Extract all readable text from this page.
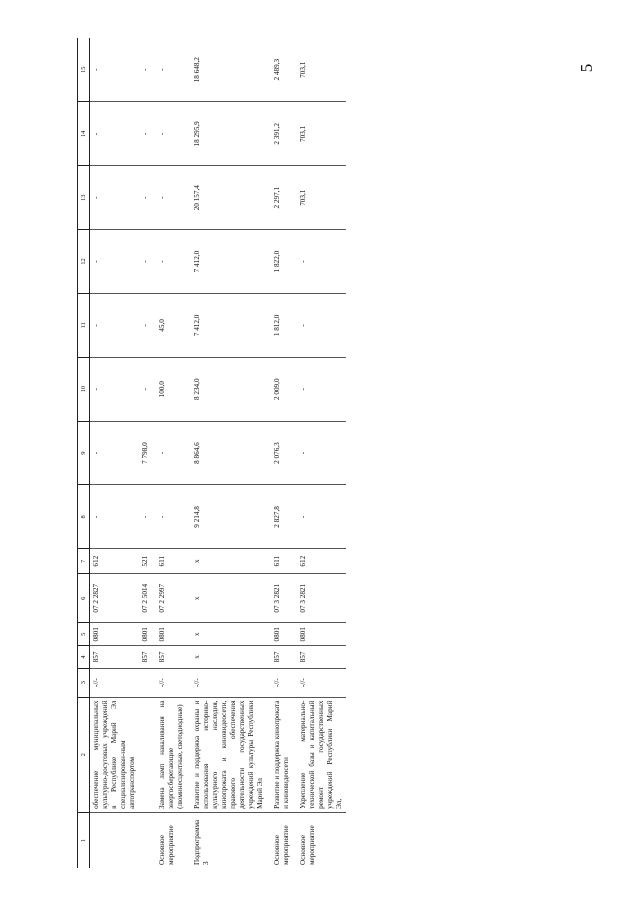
5
1	2	3	4	5	6	7	8	9	10	11	12	13	14	15
	обеспечение муниципальных культурно-досуговых учреждений в Республике Марий Эл специализирован-ным автотранспортом	-//-	857	0801	07 2 2827	612	-	-	-	-	-	-	-	-
			857	0801	07 2 5014	521	-	7 798,0	-	-	-	-	-	-
Основное мероприятие	Замена ламп накаливания на энергосберегающие (люминесцентные, светодиодные)	-//-	857	0801	07 2 2997	611	-	-	100,0	45,0	-	-	-	-
Подпрограмма 3	Развитие и поддержка охраны и использования историко-культурного наследия, кинопроката и киновидеосети, правового обеспечения деятельности государственных учреждений культуры Республики Марий Эл	-//-	x	x	x	x	9 214,8	8 864,6	8 234,0	7 412,0	7 412,0	20 157,4	18 295,9	18 648,2
Основное мероприятие	Развитие и поддержка кинопроката и киновидеосети	-//-	857	0801	07 3 2821	611	2 827,8	2 076,3	2 009,0	1 812,0	1 822,0	2 297,1	2 391,2	2 489,3
Основное мероприятие	Укрепление материально-технической базы и капитальный ремонт государственных учреждений Республики Марий Эл,	-//-	857	0801	07 3 2821	612	-	-	-	-	-	703,1	703,1	703,1
